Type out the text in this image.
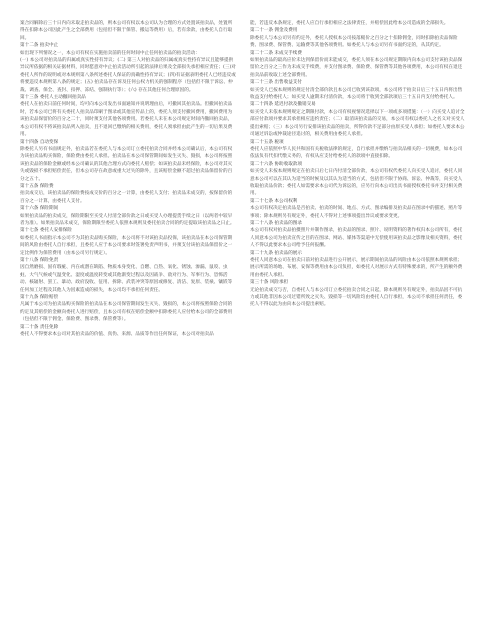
案合同解除后三十日内向未取走拍卖品的，则本公司有权以本公司认为合理的方式处置该拍卖品，处置所得在扣除本公司因此产生之全部费用（包括但不限于保管、搬运等费用）后，若有余款，由委托人自行取回。

第十二条 拍卖中止

如出现下列情况之一，本公司有权在实施拍卖前的任何时间中止任何拍卖品的拍卖活动：

(一) 本公司对拍卖品的归属或真实性持有异议；(二) 第三人对拍卖品的归属或真实性持有异议且能够提供异议所依据的相关证据材料，同时愿意对中止拍卖活动所引起的法律后果及全部损失承担相应责任；(三)对委托人所作的说明或对本规则第八条所述委托人保证的真确性持有异议；(四)有证据表明委托人已经违反或将要违反本规则第八条的规定；(五) 拍卖品存在诉及任何公权力机关的强制程序（包括但不限于诉讼、仲裁、调查、保全、查封、扣押、冻结、强制执行等）；(六) 存在其他任何合理原因的。

第十三条 委托人主动撤回拍卖品

委托人在拍卖日前任何时间，均可向本公司发出书面通知并说明理由后，可撤回其拍卖品。但撤回拍卖品时，若本公司已将有关委托人拍卖品印刷于图录或其他宣传品上的，委托人须支付撤回费用，撤回费用为该拍卖品保留价的百分之二十，同时须支付其他各项费用。若委托人未在本公司规定时间内撤回拍卖品，本公司有权不将该拍卖品列入拍卖，且不退回已缴纳的相关费用，委托人须承担由此产生的一切后果及费用。

第十四条 自动变保

除委托人另有书面规定外，拍卖品若在委托人与本公司订立委托拍卖合同并经本公司确认后，本公司有权为该拍卖品购买保险，保险费由委托人承担。拍卖品在本公司保管期间如发生灭失、毁损，本公司将按照该拍卖品的保险金额或经本公司确认的其他合理方式向委托人赔偿；如该拍卖品未经保险，本公司对其灭失或毁损不承担赔偿责任，但本公司存在故意或重大过失的除外，且该赔偿金额不超过拍卖品保留价的百分之五十。

第十五条 保险费

拍卖成交后，该拍卖品的保险费按成交价的百分之一计算，由委托人支付；拍卖品未成交的，按保留价的百分之一计算，由委托人支付。

第十六条 保险期间

如果拍卖品的拍卖成交，保险期限至买受人付清全部价款之日或买受人办理提货手续之日（以两者中较早者为准）。如果拍卖品未成交，保险期限至委托人依照本规则及委托拍卖合同的约定提取该拍卖品之日止。

第十七条 委托人安排保险

如委托人书面指示本公司不为其拍卖品购买保险，本公司将不对该拍卖品投保，该拍卖品在本公司保管期间的风险由委托人自行承担，且委托人应于本公司要求时签署免责声明书，并须支付该拍卖品保留价之一定比例作为保管费用（由本公司另行规定）。

第十八条 保险免责

因自然磨损、固有瑕疵、内在或潜在缺陷、物质本身变化、自燃、自热、氧化、锈蚀、渗漏、鼠咬、虫蛀、大气气候或气温变化、湿度或温度转变或其他渐变过程以及因战争、敌对行为、军事行为、恐怖活动、核辐射、罢工、暴动、政府没收、征用、拆除、武装冲突等原因或修复、清洁、复原、装裱、镶嵌等任何加工过程及其他人为因素造成的损失，本公司均不承担任何责任。

第十九条 保险赔偿

凡属于本公司为拍卖品购买保险的拍卖品在本公司保管期间发生灭失、毁损的，本公司将按照保险合同的约定及其赔偿的金额向委托人进行赔偿，且本公司有权在赔偿金额中扣除委托人应付给本公司的全部费用（包括但不限于佣金、保险费、图录费、保管费等）。

第二十条 责任免除

委托人不得要求本公司对其拍卖品的价值、真伪、来源、品质等作出任何保证，本公司对拍卖品

能，若违反本条规定，委托人应自行承担相应之法律责任，并赔偿因此给本公司造成的全部损失。

第二十一条 佣金及费用

除委托人与本公司另有约定外，委托人授权本公司按落槌价之百分之十扣除佣金，同时扣除拍卖品保险费、图录费、保管费、运输费等其他各项费用。如委托人与本公司另有书面约定的，从其约定。

第二十二条 未成交手续费

如果拍卖品的最高应价未达到保留价而未能成交，委托人须在本公司规定期限内向本公司支付该拍卖品保留价之百分之三作为未成交手续费，并支付图录费、保险费、保管费等其他各项费用，本公司有权在退还拍卖品前收取上述全部费用。

第二十三条 出售收益支付

如买受人已按本规则的规定付清全部价款且本公司已收到该款项，本公司将于拍卖日后三十五日内将出售收益支付给委托人；如买受人逾期未付清价款，本公司将于收到全部款项后三十五日内支付给委托人。

第二十四条 延迟付款及撤销交易

如买受人未依本规则规定之期限付款，本公司有权视情况选择以下一项或多项措施：（一）向买受人追讨全部应付款项并要求其承担相应违约责任；（二）取消该拍卖品的交易，本公司有权以委托人之名义对买受人提出索赔；（三）本公司另行安排该拍卖品的拍卖，所得价款不足部分由原买受人承担；如委托人要求本公司通过诉讼或仲裁途径追讨的，相关费用由委托人承担。

第二十五条 税项

委托人应依照中华人民共和国有关税收法律的规定，自行承担并缴纳与拍卖品相关的一切税费，如本公司依法负有代扣代缴义务的，有权从应支付给委托人的款项中直接扣除。

第二十六条 协助收取款项

如买受人未按本规则规定在拍卖日后七日内付清全部价款，本公司有权代委托人向买受人追讨，委托人同意本公司可以在其认为适当的时候及以其认为适当的方式，包括但不限于协商、诉讼、仲裁等，向买受人收取拍卖品价款；委托人如需要求本公司代为诉讼的，应另行向本公司出具书面授权委托书并支付相关费用。

第二十七条 本公司权利

本公司有权决定拍卖品是否拍卖、拍卖的时间、地点、方式、图录编排及拍卖品在图录中的描述、照片等事项；除本规则另有规定外，委托人不得对上述事项提出异议或要求变更。

第二十八条 拍卖品的图录

本公司有权对拍卖品拍摄照片并制作图录，拍卖品的图录、照片、说明资料的著作权归本公司所有，委托人同意本公司为拍卖宣传之目的在图录、网站、媒体等渠道中无偿使用该拍卖品之影像及相关资料，委托人不得以此要求本公司给予任何报酬。

第二十九条 拍卖品的展示

委托人同意本公司在拍卖日前对拍卖品进行公开展示，展示期间拍卖品的风险由本公司依照本规则承担；展示所需的场地、布展、安保等费用由本公司负担，如委托人对展示方式有特殊要求的，所产生的额外费用由委托人承担。

第三十条 风险承担

无论拍卖成交与否，自委托人与本公司订立委托拍卖合同之日起，除本规则另有规定外，拍卖品因不可抗力或其他非因本公司过错所致之灭失、毁损等一切风险均由委托人自行承担，本公司不承担任何责任，委托人不得以此为由向本公司提出索赔。
